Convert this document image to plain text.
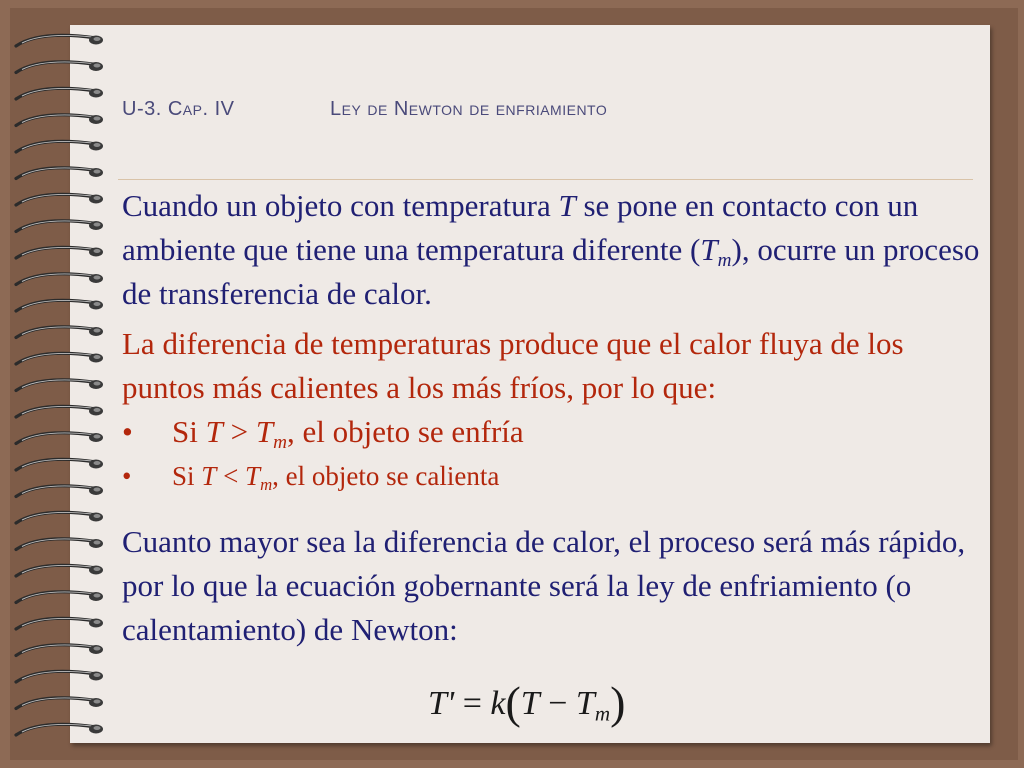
U-3. Cap. IV	Ley de Newton de enfriamiento

Cuando un objeto con temperatura T se pone en contacto con un ambiente que tiene una temperatura diferente $(T_m)$, ocurre un proceso de transferencia de calor.

La diferencia de temperaturas produce que el calor fluya de los puntos más calientes a los más fríos, por lo que:

• Si $T > T_m$, el objeto se enfría

• Si $T < T_m$, el objeto se calienta

Cuanto mayor sea la diferencia de calor, el proceso será más rápido, por lo que la ecuación gobernante será la ley de enfriamiento (o calentamiento) de Newton:

$T' = k(T - T_m)$
